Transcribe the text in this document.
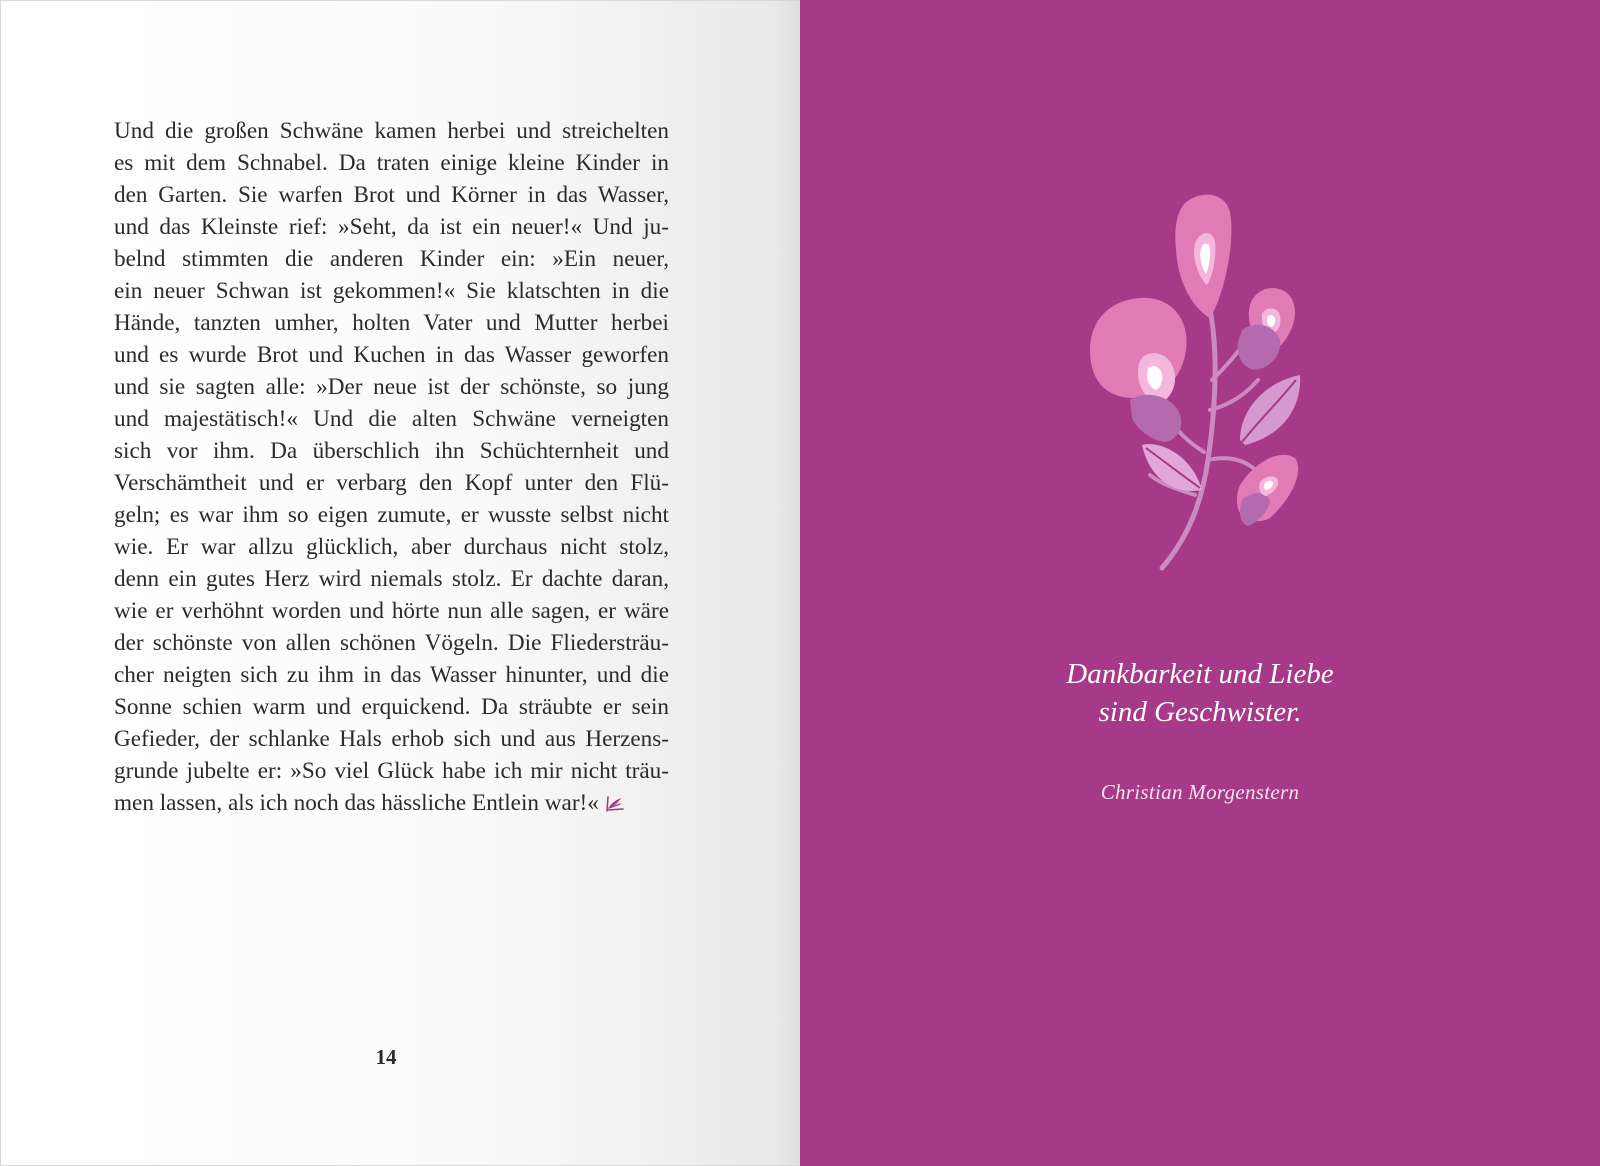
Und die großen Schwäne kamen herbei und streichelten
es mit dem Schnabel. Da traten einige kleine Kinder in
den Garten. Sie warfen Brot und Körner in das Wasser,
und das Kleinste rief: »Seht, da ist ein neuer!« Und ju-
belnd stimmten die anderen Kinder ein: »Ein neuer,
ein neuer Schwan ist gekommen!« Sie klatschten in die
Hände, tanzten umher, holten Vater und Mutter herbei
und es wurde Brot und Kuchen in das Wasser geworfen
und sie sagten alle: »Der neue ist der schönste, so jung
und majestätisch!« Und die alten Schwäne verneigten
sich vor ihm. Da überschlich ihn Schüchternheit und
Verschämtheit und er verbarg den Kopf unter den Flü-
geln; es war ihm so eigen zumute, er wusste selbst nicht
wie. Er war allzu glücklich, aber durchaus nicht stolz,
denn ein gutes Herz wird niemals stolz. Er dachte daran,
wie er verhöhnt worden und hörte nun alle sagen, er wäre
der schönste von allen schönen Vögeln. Die Fliedersträu-
cher neigten sich zu ihm in das Wasser hinunter, und die
Sonne schien warm und erquickend. Da sträubte er sein
Gefieder, der schlanke Hals erhob sich und aus Herzens-
grunde jubelte er: »So viel Glück habe ich mir nicht träu-
men lassen, als ich noch das hässliche Entlein war!«
14
Dankbarkeit und Liebe
sind Geschwister.
Christian Morgenstern
